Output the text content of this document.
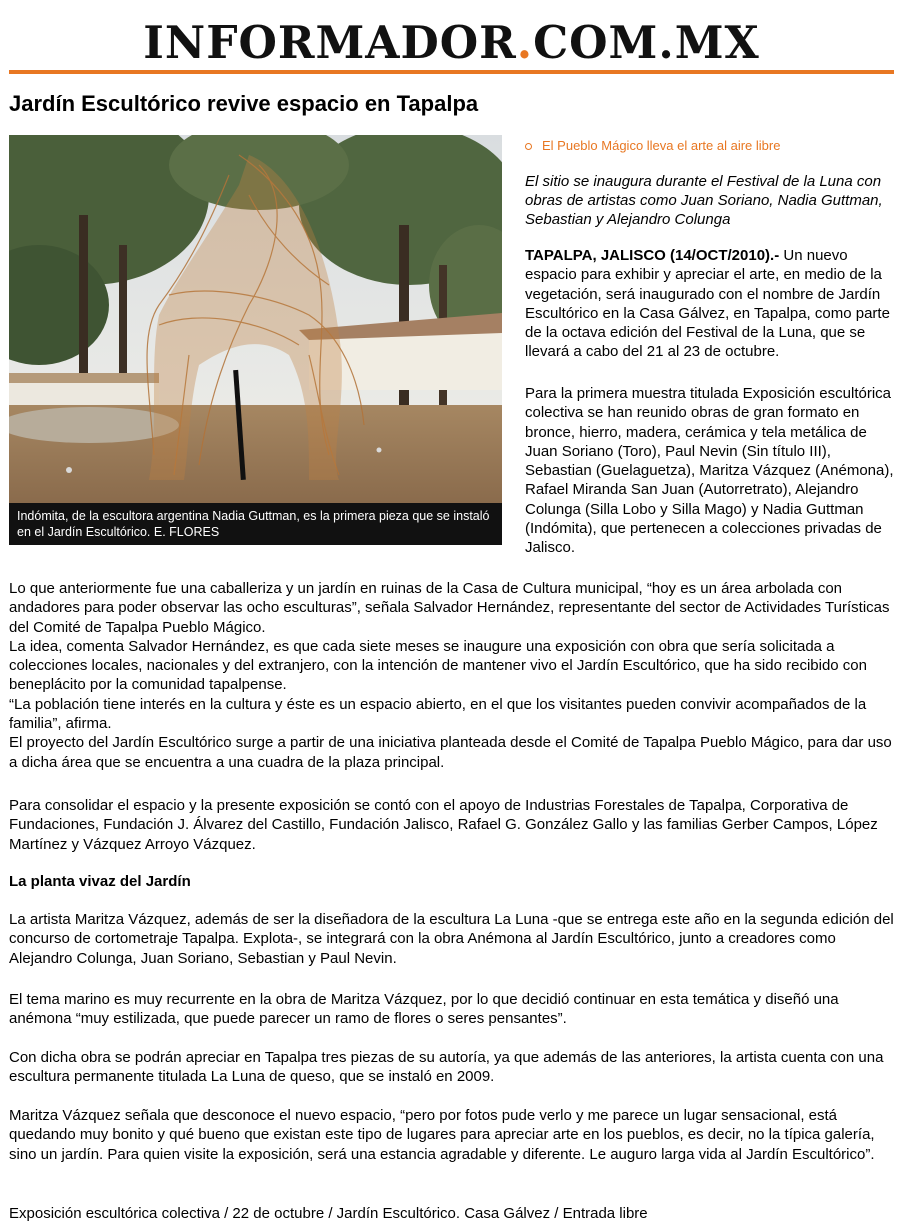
INFORMADOR.COM.MX
Jardín Escultórico revive espacio en Tapalpa
Indómita, de la escultora argentina Nadia Guttman, es la primera pieza que se instaló en el Jardín Escultórico. E. FLORES
El Pueblo Mágico lleva el arte al aire libre

El sitio se inaugura durante el Festival de la Luna con obras de artistas como Juan Soriano, Nadia Guttman, Sebastian y Alejandro Colunga

TAPALPA, JALISCO (14/OCT/2010).- Un nuevo espacio para exhibir y apreciar el arte, en medio de la vegetación, será inaugurado con el nombre de Jardín Escultórico en la Casa Gálvez, en Tapalpa, como parte de la octava edición del Festival de la Luna, que se llevará a cabo del 21 al 23 de octubre.

Para la primera muestra titulada Exposición escultórica colectiva se han reunido obras de gran formato en bronce, hierro, madera, cerámica y tela metálica de Juan Soriano (Toro), Paul Nevin (Sin título III), Sebastian (Guelaguetza), Maritza Vázquez (Anémona), Rafael Miranda San Juan (Autorretrato), Alejandro Colunga (Silla Lobo y Silla Mago) y Nadia Guttman (Indómita), que pertenecen a colecciones privadas de Jalisco.

Lo que anteriormente fue una caballeriza y un jardín en ruinas de la Casa de Cultura municipal, “hoy es un área arbolada con andadores para poder observar las ocho esculturas”, señala Salvador Hernández, representante del sector de Actividades Turísticas del Comité de Tapalpa Pueblo Mágico.
La idea, comenta Salvador Hernández, es que cada siete meses se inaugure una exposición con obra que sería solicitada a colecciones locales, nacionales y del extranjero, con la intención de mantener vivo el Jardín Escultórico, que ha sido recibido con beneplácito por la comunidad tapalpense.
“La población tiene interés en la cultura y éste es un espacio abierto, en el que los visitantes pueden convivir acompañados de la familia”, afirma.
El proyecto del Jardín Escultórico surge a partir de una iniciativa planteada desde el Comité de Tapalpa Pueblo Mágico, para dar uso a dicha área que se encuentra a una cuadra de la plaza principal.

Para consolidar el espacio y la presente exposición se contó con el apoyo de Industrias Forestales de Tapalpa, Corporativa de Fundaciones, Fundación J. Álvarez del Castillo, Fundación Jalisco, Rafael G. González Gallo y las familias Gerber Campos, López Martínez y Vázquez Arroyo Vázquez.

La planta vivaz del Jardín

La artista Maritza Vázquez, además de ser la diseñadora de la escultura La Luna -que se entrega este año en la segunda edición del concurso de cortometraje Tapalpa. Explota-, se integrará con la obra Anémona al Jardín Escultórico, junto a creadores como Alejandro Colunga, Juan Soriano, Sebastian y Paul Nevin.

El tema marino es muy recurrente en la obra de Maritza Vázquez, por lo que decidió continuar en esta temática y diseñó una anémona “muy estilizada, que puede parecer un ramo de flores o seres pensantes”.

Con dicha obra se podrán apreciar en Tapalpa tres piezas de su autoría, ya que además de las anteriores, la artista cuenta con una escultura permanente titulada La Luna de queso, que se instaló en 2009.

Maritza Vázquez señala que desconoce el nuevo espacio, “pero por fotos pude verlo y me parece un lugar sensacional, está quedando muy bonito y qué bueno que existan este tipo de lugares para apreciar arte en los pueblos, es decir, no la típica galería, sino un jardín. Para quien visite la exposición, será una estancia agradable y diferente. Le auguro larga vida al Jardín Escultórico”.

Exposición escultórica colectiva / 22 de octubre / Jardín Escultórico. Casa Gálvez / Entrada libre
